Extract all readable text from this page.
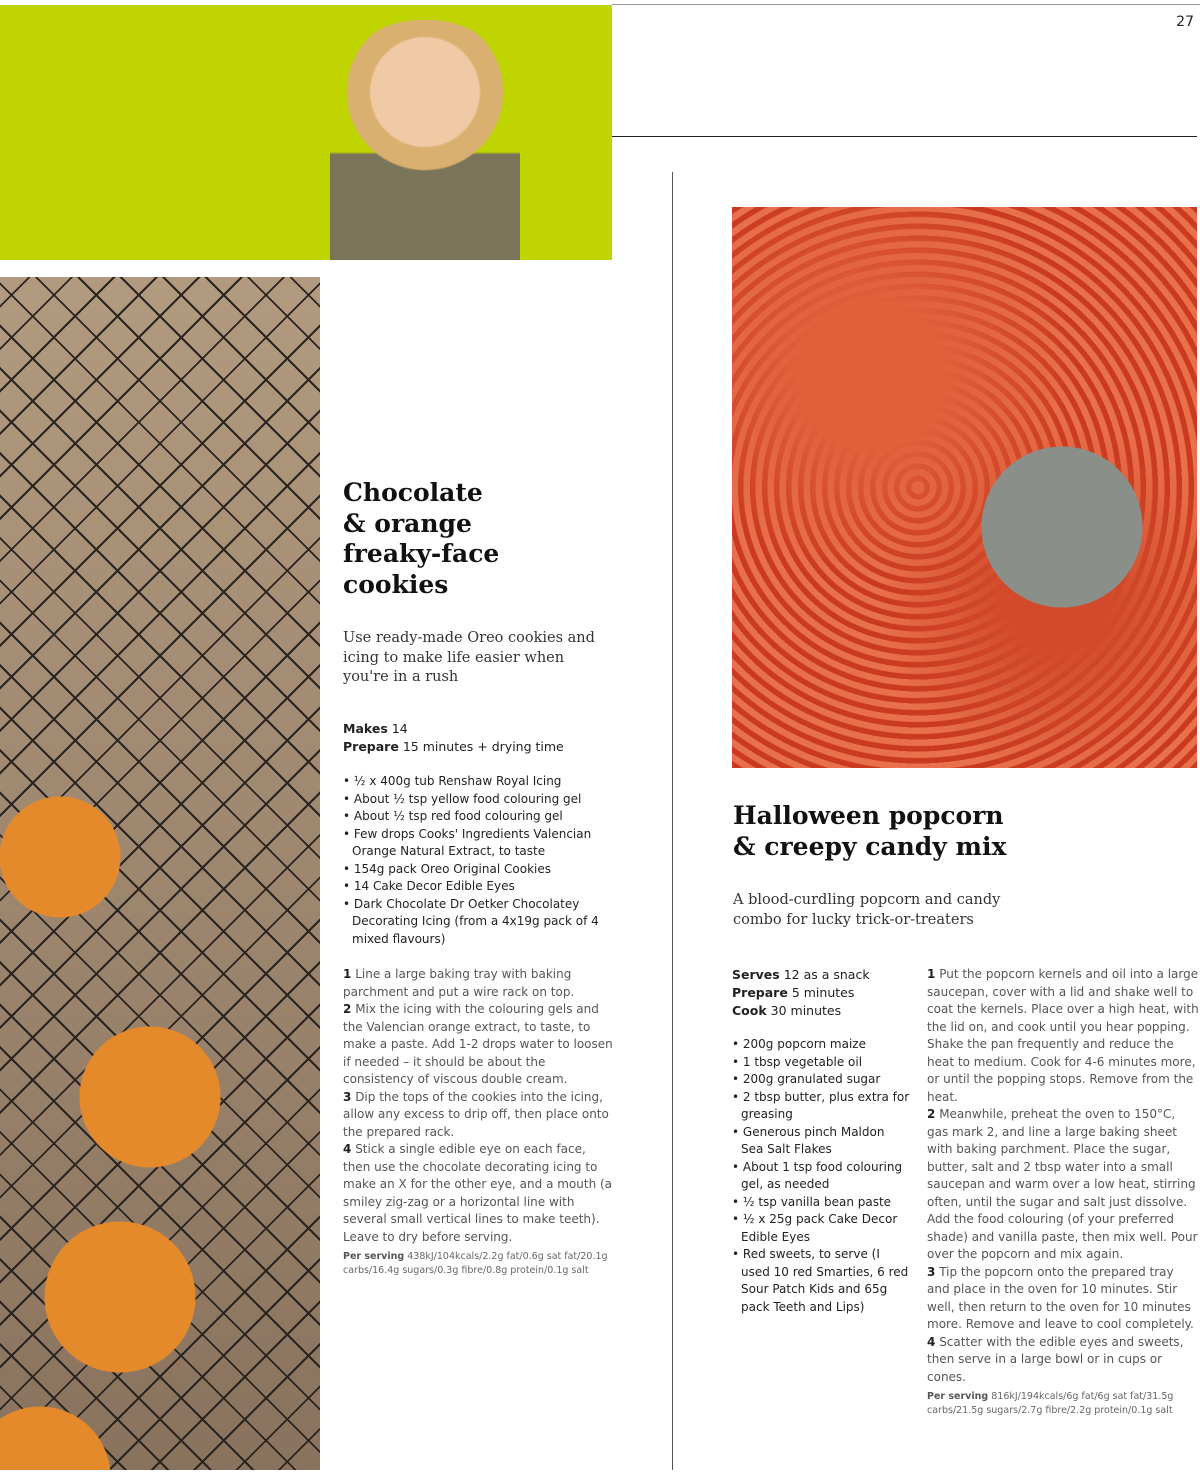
27
Chocolate
& orange
freaky-face
cookies
Use ready-made Oreo cookies and icing to make life easier when you're in a rush
Makes 14
Prepare 15 minutes + drying time
• ½ x 400g tub Renshaw Royal Icing
• About ½ tsp yellow food colouring gel
• About ½ tsp red food colouring gel
• Few drops Cooks' Ingredients Valencian Orange Natural Extract, to taste
• 154g pack Oreo Original Cookies
• 14 Cake Decor Edible Eyes
• Dark Chocolate Dr Oetker Chocolatey Decorating Icing (from a 4x19g pack of 4 mixed flavours)

1 Line a large baking tray with baking parchment and put a wire rack on top.

2 Mix the icing with the colouring gels and the Valencian orange extract, to taste, to make a paste. Add 1-2 drops water to loosen if needed – it should be about the consistency of viscous double cream.

3 Dip the tops of the cookies into the icing, allow any excess to drip off, then place onto the prepared rack.

4 Stick a single edible eye on each face, then use the chocolate decorating icing to make an X for the other eye, and a mouth (a smiley zig-zag or a horizontal line with several small vertical lines to make teeth). Leave to dry before serving.

Per serving 438kJ/104kcals/2.2g fat/0.6g sat fat/20.1g carbs/16.4g sugars/0.3g fibre/0.8g protein/0.1g salt
Halloween popcorn
& creepy candy mix
A blood-curdling popcorn and candy combo for lucky trick-or-treaters
Serves 12 as a snack
Prepare 5 minutes
Cook 30 minutes
• 200g popcorn maize
• 1 tbsp vegetable oil
• 200g granulated sugar
• 2 tbsp butter, plus extra for greasing
• Generous pinch Maldon Sea Salt Flakes
• About 1 tsp food colouring gel, as needed
• ½ tsp vanilla bean paste
• ½ x 25g pack Cake Decor Edible Eyes
• Red sweets, to serve (I used 10 red Smarties, 6 red Sour Patch Kids and 65g pack Teeth and Lips)

1 Put the popcorn kernels and oil into a large saucepan, cover with a lid and shake well to coat the kernels. Place over a high heat, with the lid on, and cook until you hear popping. Shake the pan frequently and reduce the heat to medium. Cook for 4-6 minutes more, or until the popping stops. Remove from the heat.

2 Meanwhile, preheat the oven to 150°C, gas mark 2, and line a large baking sheet with baking parchment. Place the sugar, butter, salt and 2 tbsp water into a small saucepan and warm over a low heat, stirring often, until the sugar and salt just dissolve. Add the food colouring (of your preferred shade) and vanilla paste, then mix well. Pour over the popcorn and mix again.

3 Tip the popcorn onto the prepared tray and place in the oven for 10 minutes. Stir well, then return to the oven for 10 minutes more. Remove and leave to cool completely.

4 Scatter with the edible eyes and sweets, then serve in a large bowl or in cups or cones.

Per serving 816kJ/194kcals/6g fat/6g sat fat/31.5g carbs/21.5g sugars/2.7g fibre/2.2g protein/0.1g salt
